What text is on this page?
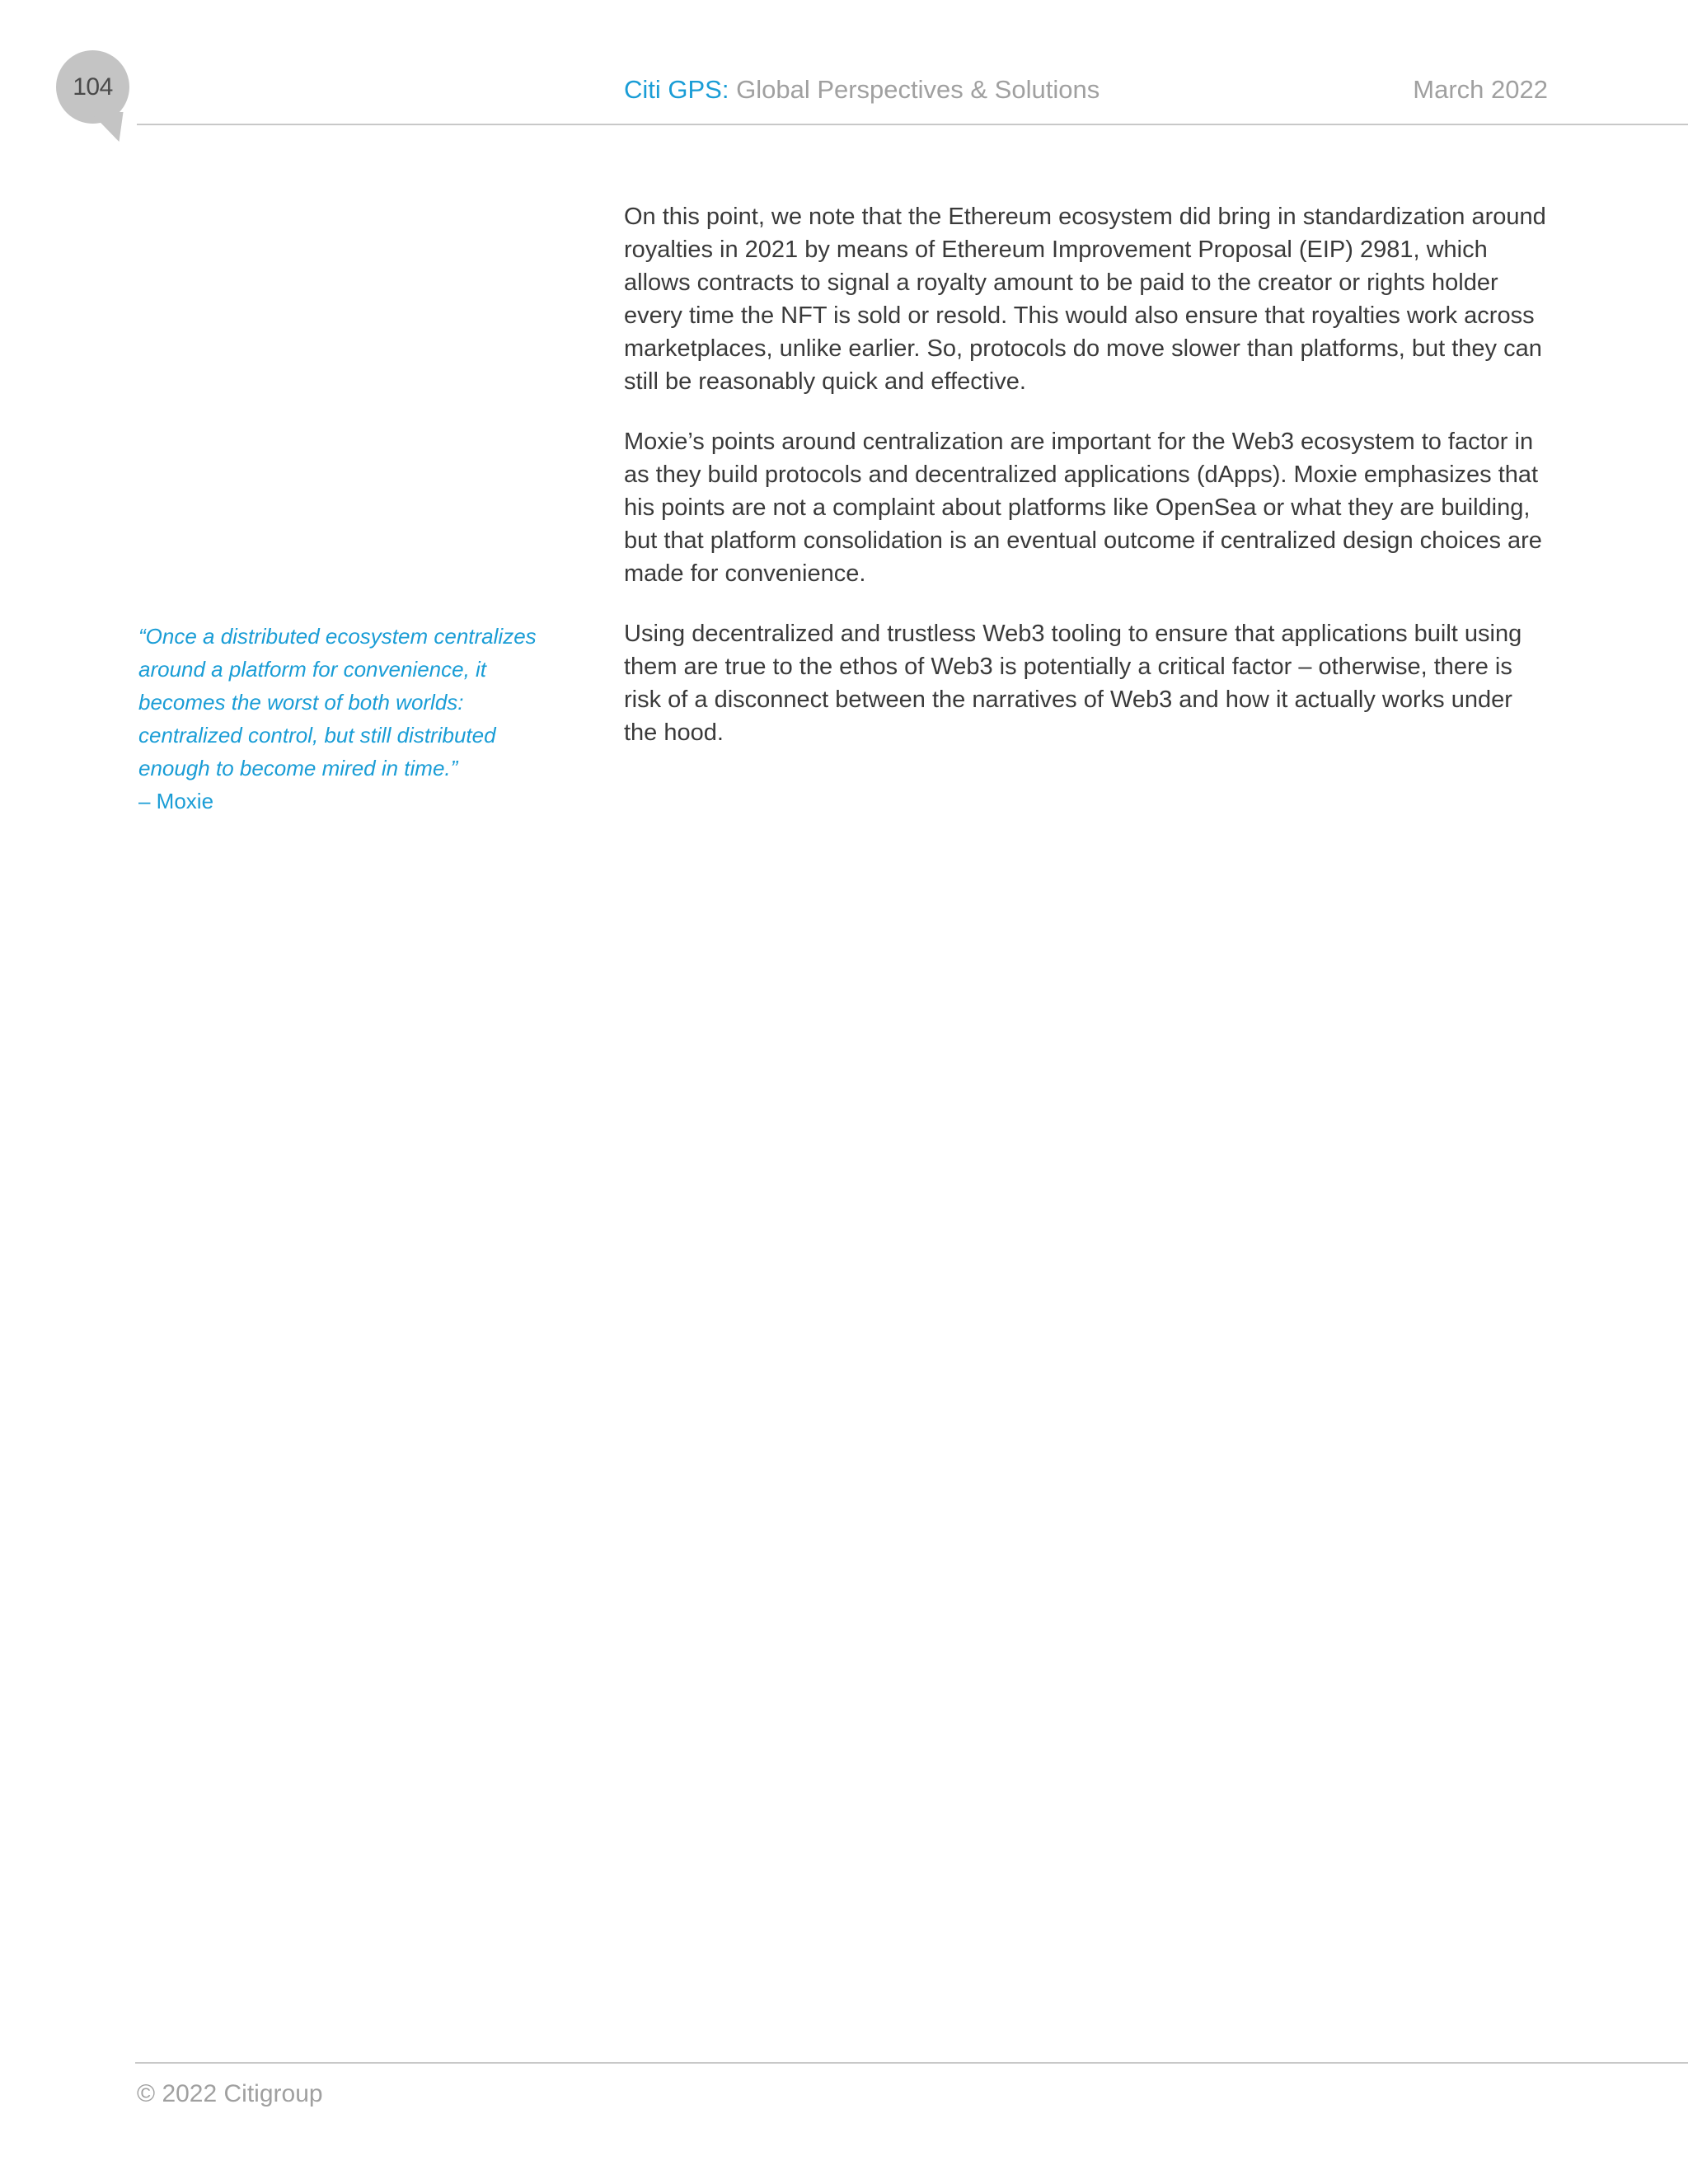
104	Citi GPS: Global Perspectives & Solutions	March 2022
“Once a distributed ecosystem centralizes around a platform for convenience, it becomes the worst of both worlds: centralized control, but still distributed enough to become mired in time.”
– Moxie

On this point, we note that the Ethereum ecosystem did bring in standardization around royalties in 2021 by means of Ethereum Improvement Proposal (EIP) 2981, which allows contracts to signal a royalty amount to be paid to the creator or rights holder every time the NFT is sold or resold. This would also ensure that royalties work across marketplaces, unlike earlier. So, protocols do move slower than platforms, but they can still be reasonably quick and effective.

Moxie’s points around centralization are important for the Web3 ecosystem to factor in as they build protocols and decentralized applications (dApps). Moxie emphasizes that his points are not a complaint about platforms like OpenSea or what they are building, but that platform consolidation is an eventual outcome if centralized design choices are made for convenience.

Using decentralized and trustless Web3 tooling to ensure that applications built using them are true to the ethos of Web3 is potentially a critical factor – otherwise, there is risk of a disconnect between the narratives of Web3 and how it actually works under the hood.

© 2022 Citigroup
